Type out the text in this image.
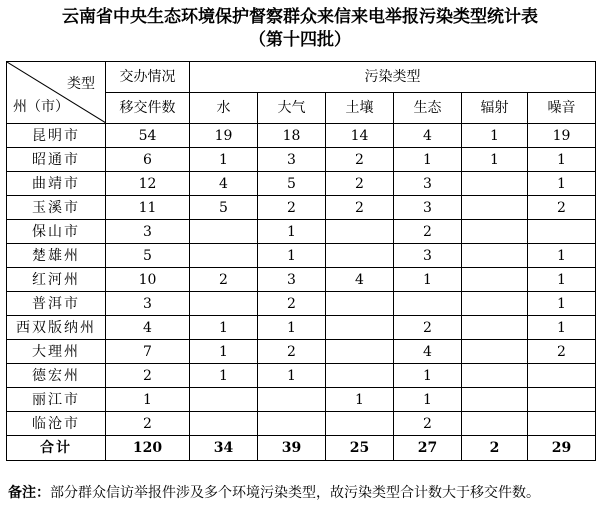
云南省中央生态环境保护督察群众来信来电举报污染类型统计表
（第十四批）
类型
州（市）	交办情况	污染类型					
	移交件数	水	大气	土壤	生态	辐射	噪音
昆明市	54	19	18	14	4	1	19
昭通市	6	1	3	2	1	1	1
曲靖市	12	4	5	2	3		1
玉溪市	11	5	2	2	3		2
保山市	3		1		2		
楚雄州	5		1		3		1
红河州	10	2	3	4	1		1
普洱市	3		2				1
西双版纳州	4	1	1		2		1
大理州	7	1	2		4		2
德宏州	2	1	1		1		
丽江市	1			1	1		
临沧市	2				2		
合计	120	34	39	25	27	2	29
备注：部分群众信访举报件涉及多个环境污染类型，故污染类型合计数大于移交件数。
